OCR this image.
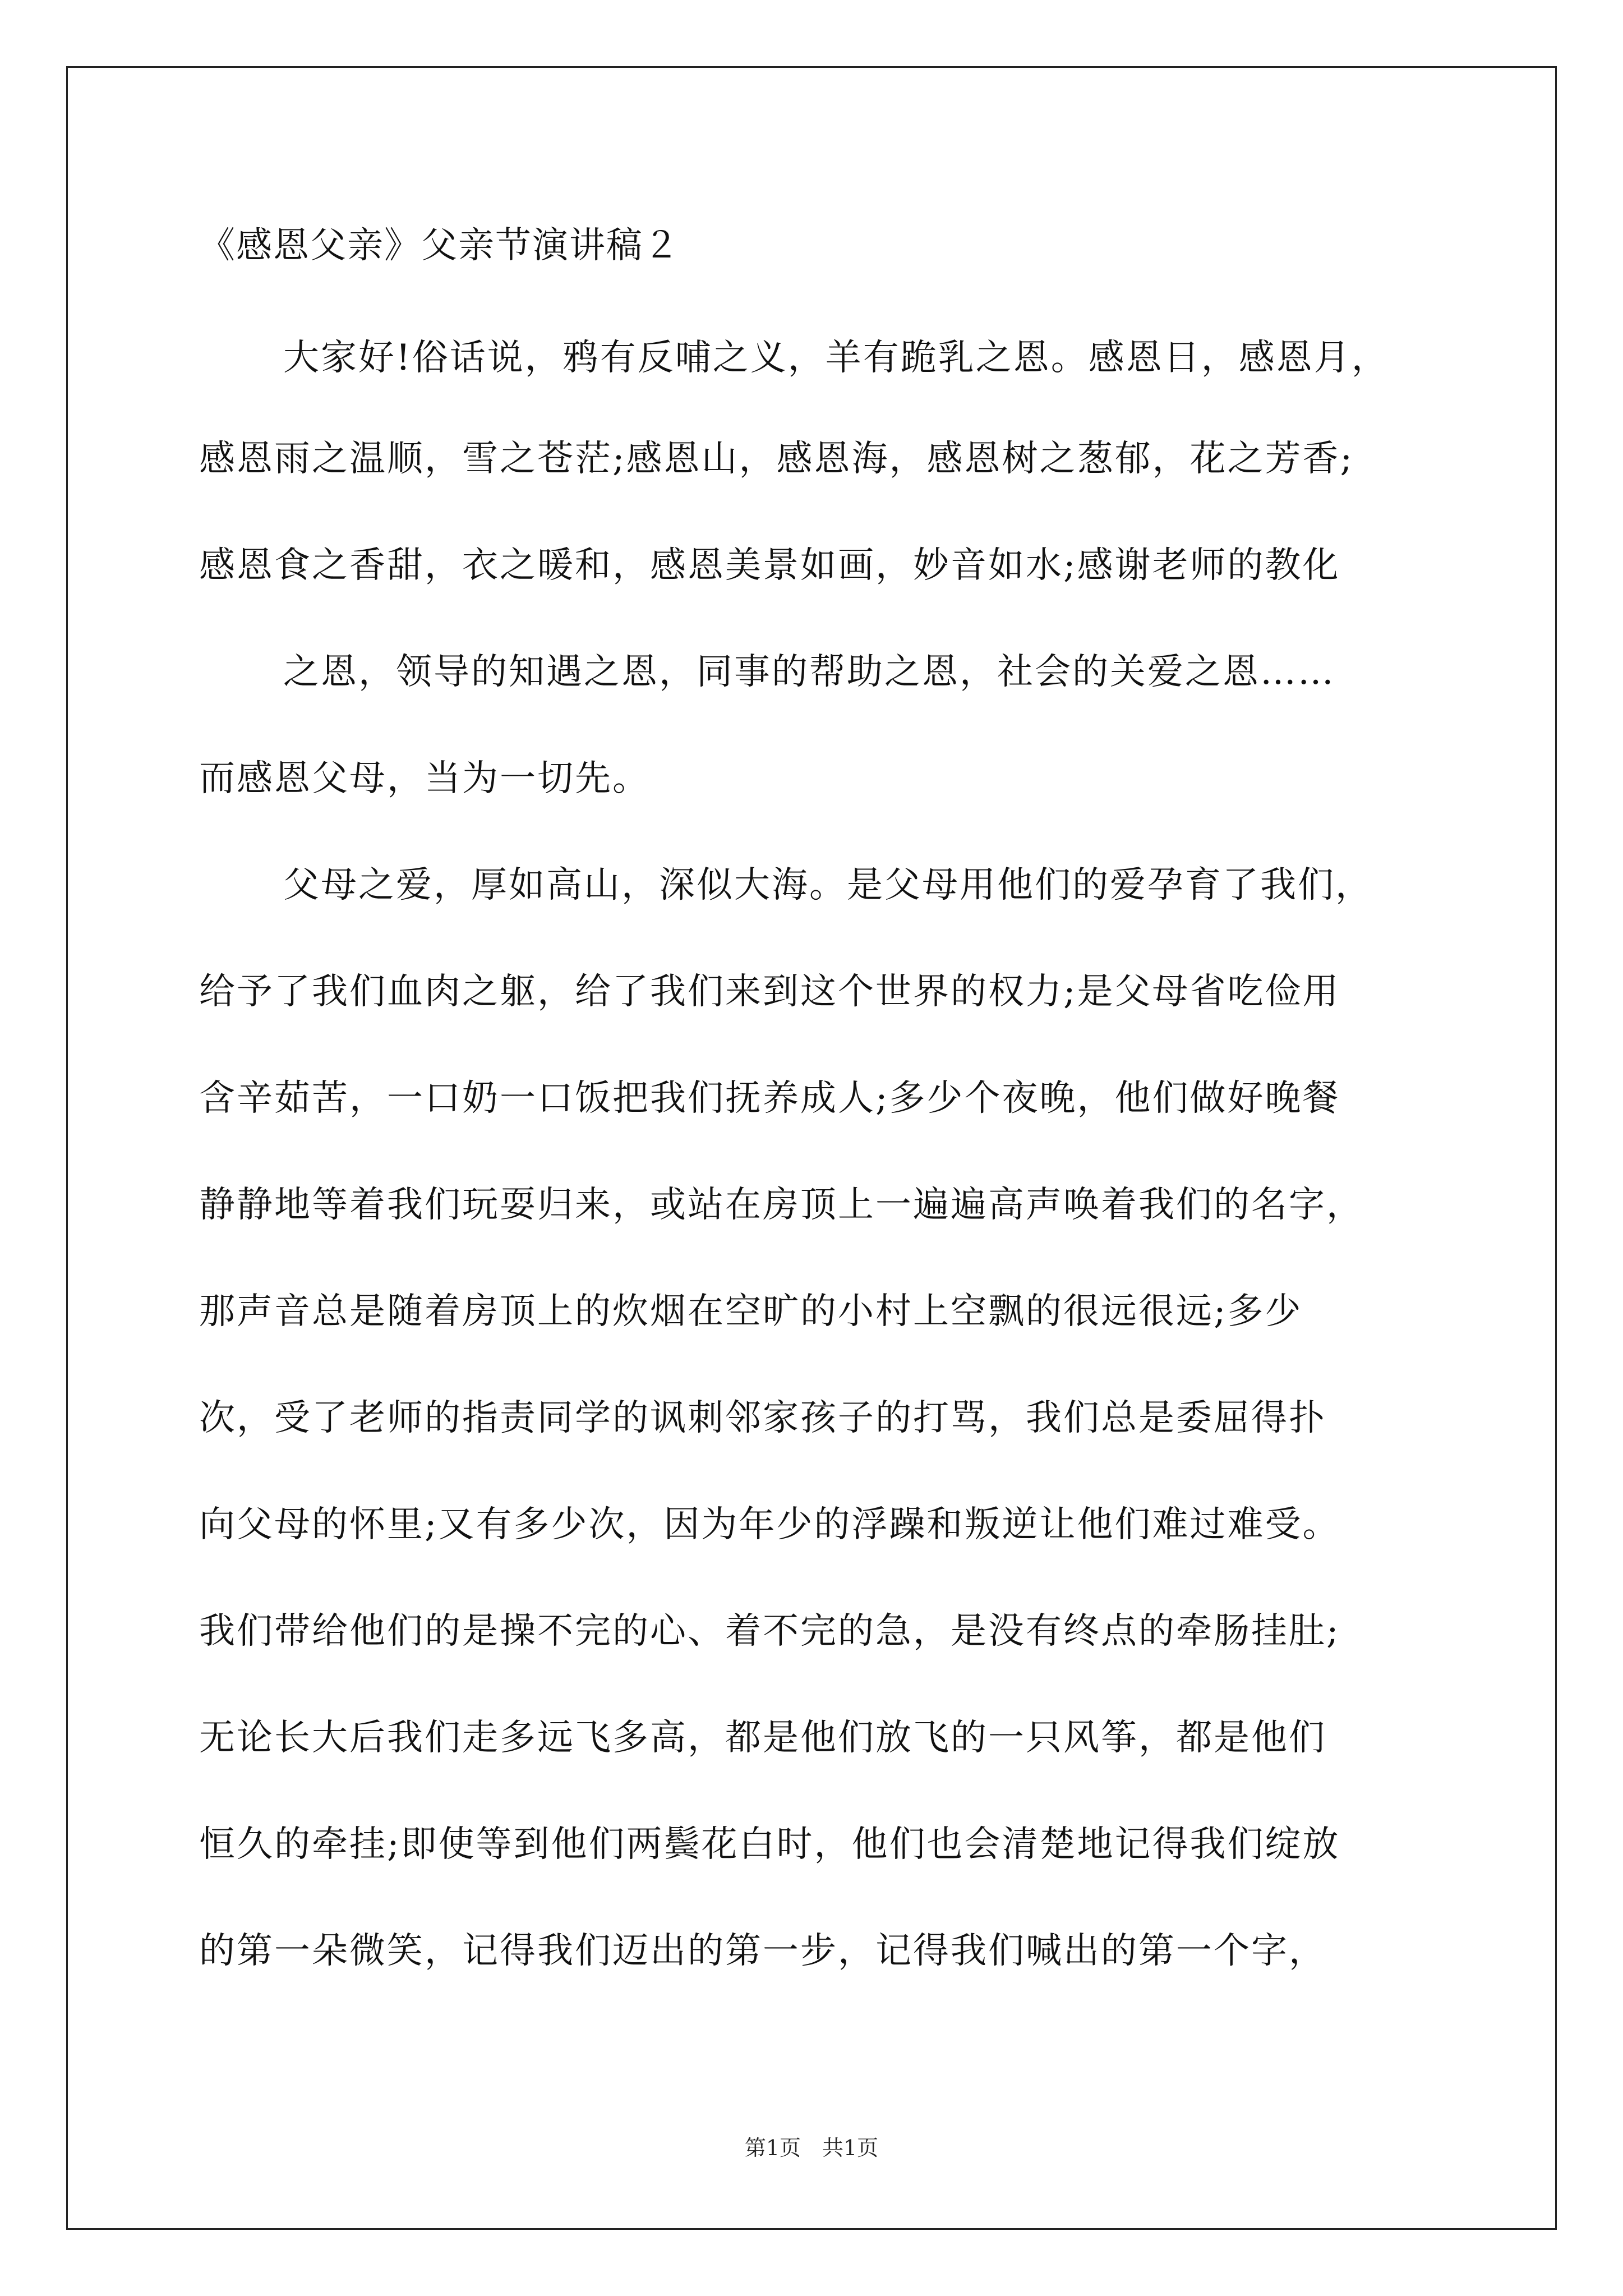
《感恩父亲》父亲节演讲稿２
大家好!俗话说，鸦有反哺之义，羊有跪乳之恩。感恩日，感恩月，
感恩雨之温顺，雪之苍茫;感恩山，感恩海，感恩树之葱郁，花之芳香;
感恩食之香甜，衣之暖和，感恩美景如画，妙音如水;感谢老师的教化
之恩，领导的知遇之恩，同事的帮助之恩，社会的关爱之恩……
而感恩父母，当为一切先。
父母之爱，厚如高山，深似大海。是父母用他们的爱孕育了我们，
给予了我们血肉之躯，给了我们来到这个世界的权力;是父母省吃俭用
含辛茹苦，一口奶一口饭把我们抚养成人;多少个夜晚，他们做好晚餐
静静地等着我们玩耍归来，或站在房顶上一遍遍高声唤着我们的名字，
那声音总是随着房顶上的炊烟在空旷的小村上空飘的很远很远;多少
次，受了老师的指责同学的讽刺邻家孩子的打骂，我们总是委屈得扑
向父母的怀里;又有多少次，因为年少的浮躁和叛逆让他们难过难受。
我们带给他们的是操不完的心、着不完的急，是没有终点的牵肠挂肚;
无论长大后我们走多远飞多高，都是他们放飞的一只风筝，都是他们
恒久的牵挂;即使等到他们两鬓花白时，他们也会清楚地记得我们绽放
的第一朵微笑，记得我们迈出的第一步，记得我们喊出的第一个字，
第1页　共1页
